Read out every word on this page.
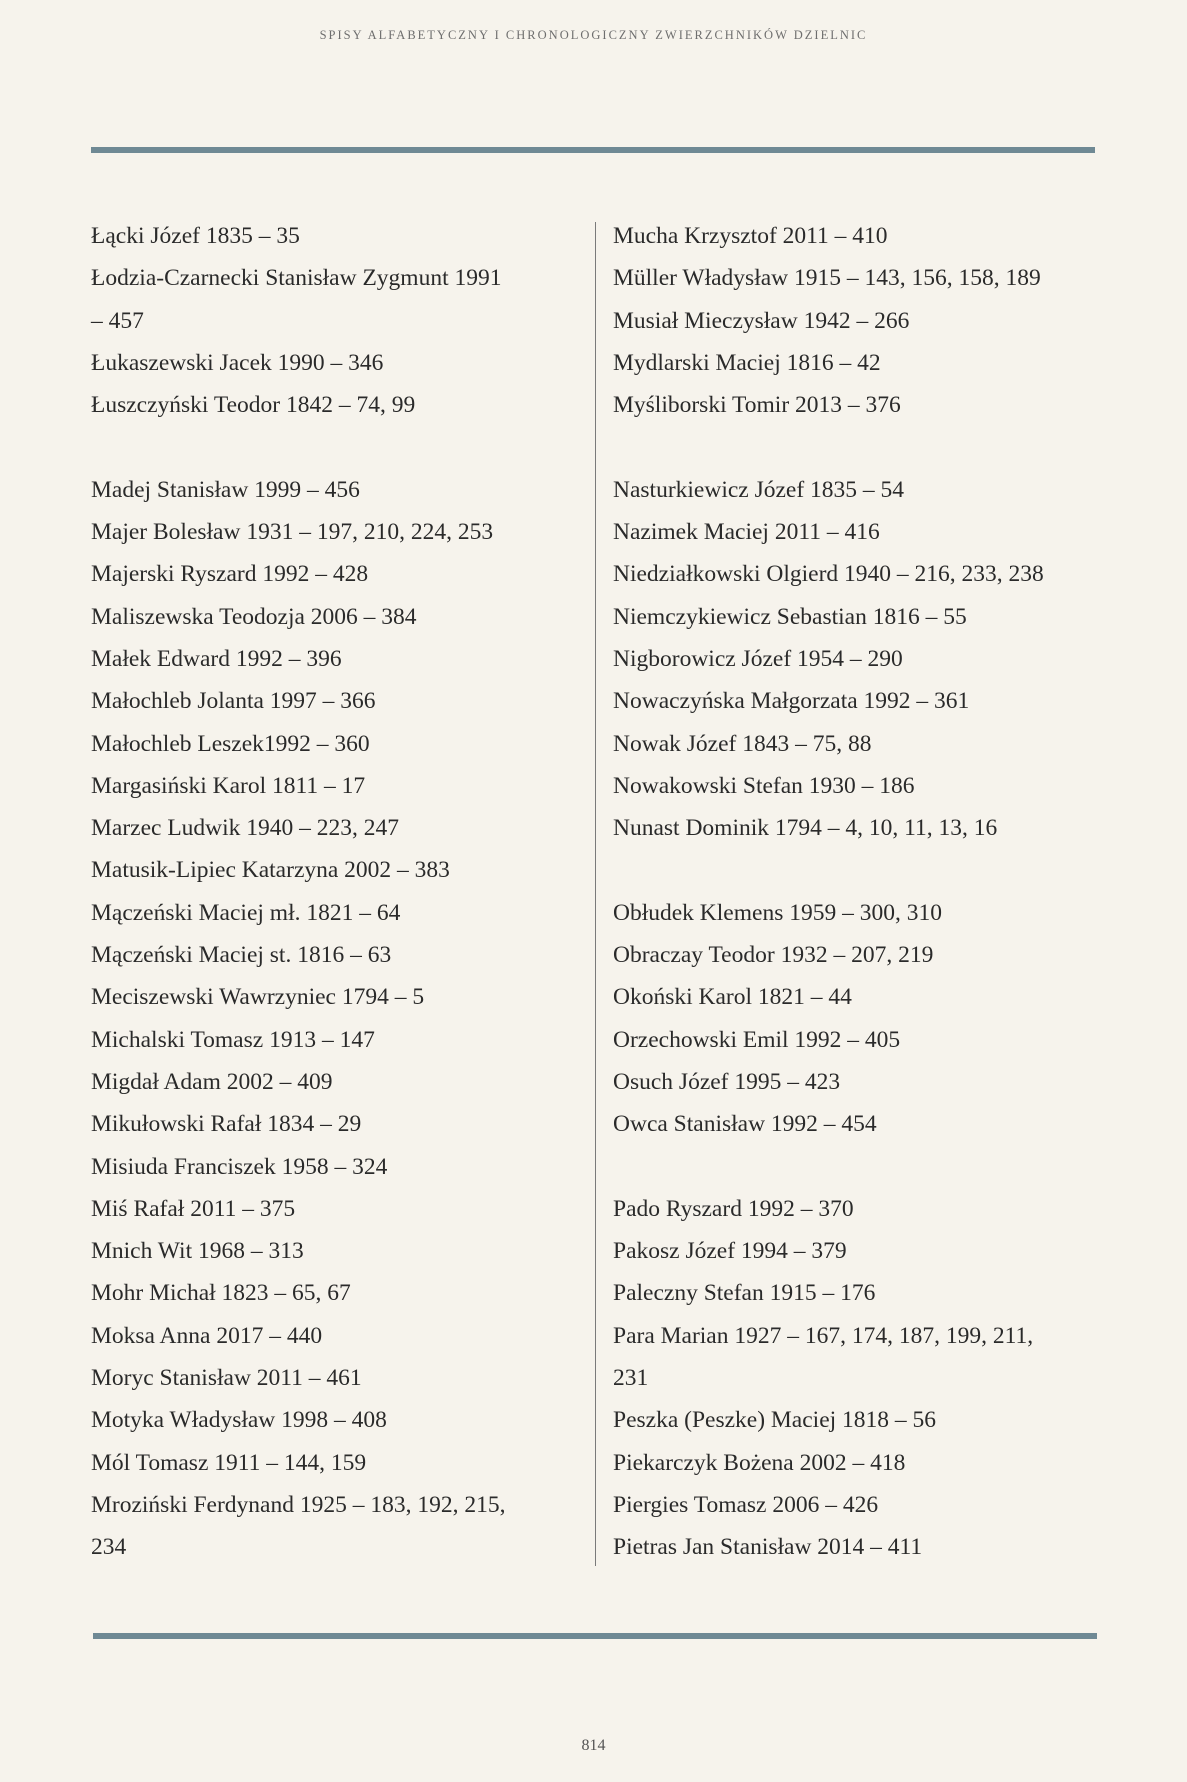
SPISY ALFABETYCZNY I CHRONOLOGICZNY ZWIERZCHNIKÓW DZIELNIC
Łącki Józef 1835 – 35
Łodzia-Czarnecki Stanisław Zygmunt 1991
– 457
Łukaszewski Jacek 1990 – 346
Łuszczyński Teodor 1842 – 74, 99
Madej Stanisław 1999 – 456
Majer Bolesław 1931 – 197, 210, 224, 253
Majerski Ryszard 1992 – 428
Maliszewska Teodozja 2006 – 384
Małek Edward 1992 – 396
Małochleb Jolanta 1997 – 366
Małochleb Leszek1992 – 360
Margasiński Karol 1811 – 17
Marzec Ludwik 1940 – 223, 247
Matusik-Lipiec Katarzyna 2002 – 383
Mączeński Maciej mł. 1821 – 64
Mączeński Maciej st. 1816 – 63
Meciszewski Wawrzyniec 1794 – 5
Michalski Tomasz 1913 – 147
Migdał Adam 2002 – 409
Mikułowski Rafał 1834 – 29
Misiuda Franciszek 1958 – 324
Miś Rafał 2011 – 375
Mnich Wit 1968 – 313
Mohr Michał 1823 – 65, 67
Moksa Anna 2017 – 440
Moryc Stanisław 2011 – 461
Motyka Władysław 1998 – 408
Mól Tomasz 1911 – 144, 159
Mroziński Ferdynand 1925 – 183, 192, 215,
234
Mucha Krzysztof 2011 – 410
Müller Władysław 1915 – 143, 156, 158, 189
Musiał Mieczysław 1942 – 266
Mydlarski Maciej 1816 – 42
Myśliborski Tomir 2013 – 376
Nasturkiewicz Józef 1835 – 54
Nazimek Maciej 2011 – 416
Niedziałkowski Olgierd 1940 – 216, 233, 238
Niemczykiewicz Sebastian 1816 – 55
Nigborowicz Józef 1954 – 290
Nowaczyńska Małgorzata 1992 – 361
Nowak Józef 1843 – 75, 88
Nowakowski Stefan 1930 – 186
Nunast Dominik 1794 – 4, 10, 11, 13, 16
Obłudek Klemens 1959 – 300, 310
Obraczay Teodor 1932 – 207, 219
Okoński Karol 1821 – 44
Orzechowski Emil 1992 – 405
Osuch Józef 1995 – 423
Owca Stanisław 1992 – 454
Pado Ryszard 1992 – 370
Pakosz Józef 1994 – 379
Paleczny Stefan 1915 – 176
Para Marian 1927 – 167, 174, 187, 199, 211,
231
Peszka (Peszke) Maciej 1818 – 56
Piekarczyk Bożena 2002 – 418
Piergies Tomasz 2006 – 426
Pietras Jan Stanisław 2014 – 411
814
